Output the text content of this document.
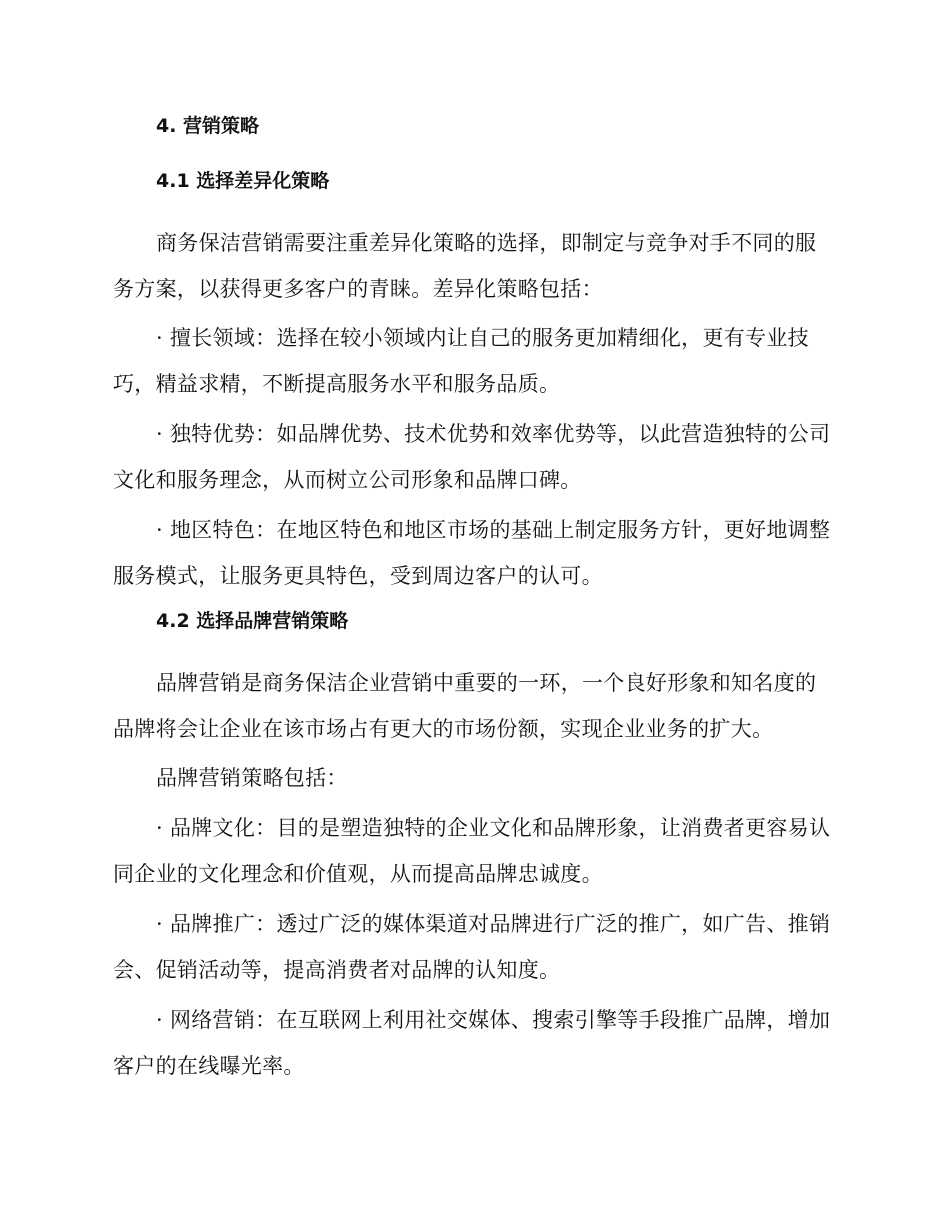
4. 营销策略
4.1 选择差异化策略

商务保洁营销需要注重差异化策略的选择，即制定与竞争对手不同的服务方案，以获得更多客户的青睐。差异化策略包括：

· 擅长领域：选择在较小领域内让自己的服务更加精细化，更有专业技巧，精益求精，不断提高服务水平和服务品质。

· 独特优势：如品牌优势、技术优势和效率优势等，以此营造独特的公司文化和服务理念，从而树立公司形象和品牌口碑。

· 地区特色：在地区特色和地区市场的基础上制定服务方针，更好地调整服务模式，让服务更具特色，受到周边客户的认可。

4.2 选择品牌营销策略

品牌营销是商务保洁企业营销中重要的一环，一个良好形象和知名度的品牌将会让企业在该市场占有更大的市场份额，实现企业业务的扩大。

品牌营销策略包括：

· 品牌文化：目的是塑造独特的企业文化和品牌形象，让消费者更容易认同企业的文化理念和价值观，从而提高品牌忠诚度。

· 品牌推广：透过广泛的媒体渠道对品牌进行广泛的推广，如广告、推销会、促销活动等，提高消费者对品牌的认知度。

· 网络营销：在互联网上利用社交媒体、搜索引擎等手段推广品牌，增加客户的在线曝光率。
